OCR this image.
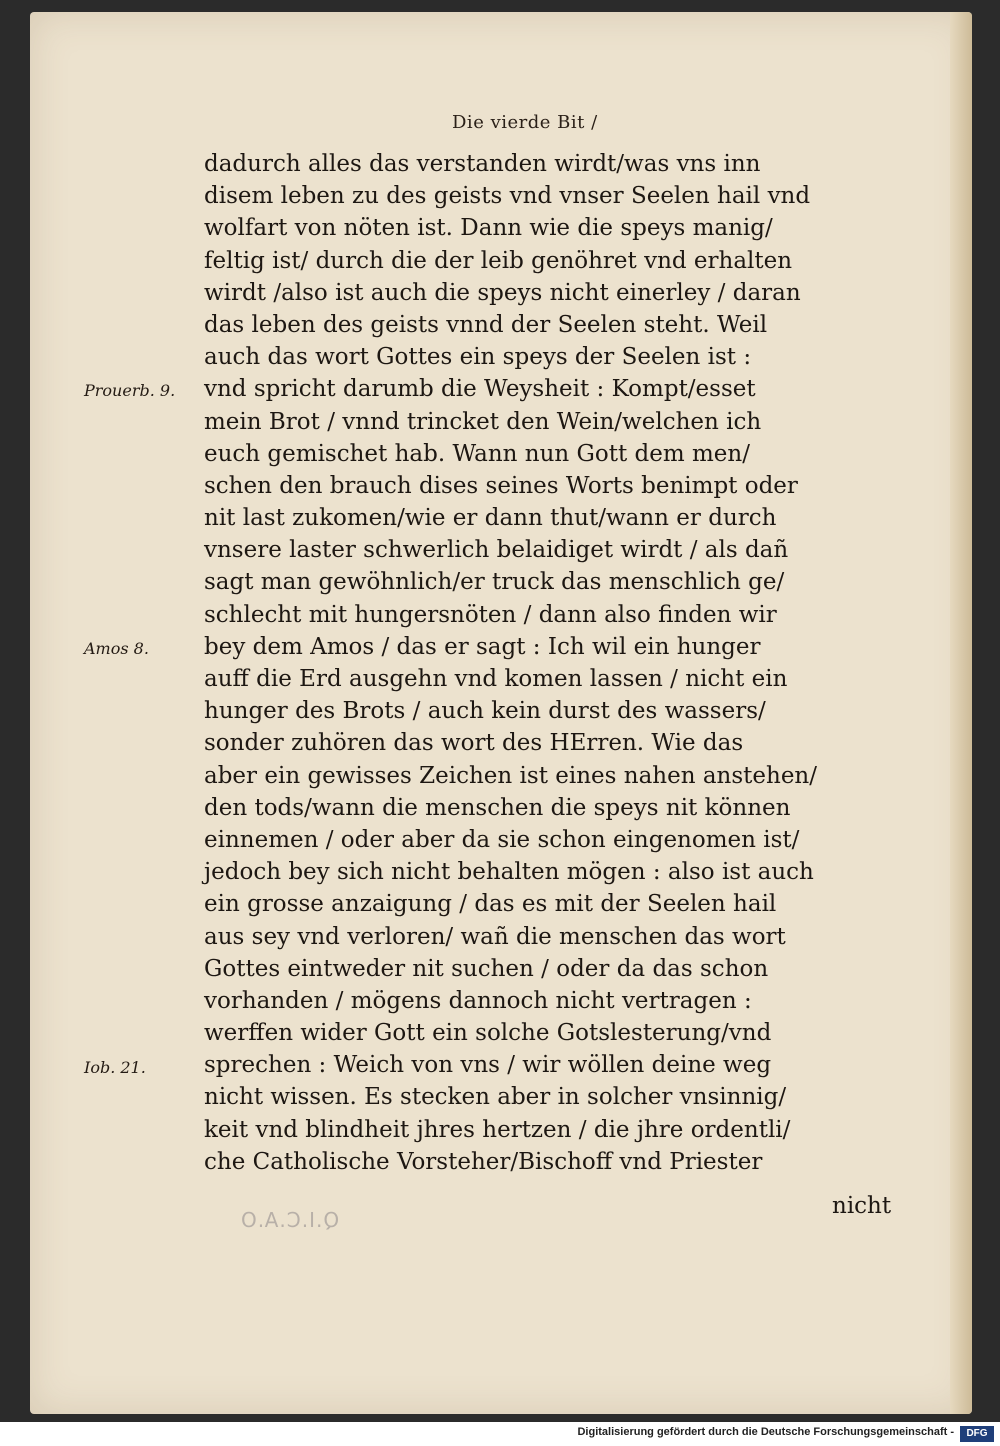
Die vierde Bit /
dadurch alles das verstanden wirdt/was vns inn
disem leben zu des geists vnd vnser Seelen hail vnd
wolfart von nöten ist. Dann wie die speys manig/
feltig ist/ durch die der leib genöhret vnd erhalten
wirdt /also ist auch die speys nicht einerley / daran
das leben des geists vnnd der Seelen steht. Weil
auch das wort Gottes ein speys der Seelen ist :
vnd spricht darumb die Weysheit : Kompt/esset
mein Brot / vnnd trincket den Wein/welchen ich
euch gemischet hab. Wann nun Gott dem men/
schen den brauch dises seines Worts benimpt oder
nit last zukomen/wie er dann thut/wann er durch
vnsere laster schwerlich belaidiget wirdt / als dañ
sagt man gewöhnlich/er truck das menschlich ge/
schlecht mit hungersnöten / dann also finden wir
bey dem Amos / das er sagt : Ich wil ein hunger
auff die Erd ausgehn vnd komen lassen / nicht ein
hunger des Brots / auch kein durst des wassers/
sonder zuhören das wort des HErren. Wie das
aber ein gewisses Zeichen ist eines nahen anstehen/
den tods/wann die menschen die speys nit können
einnemen / oder aber da sie schon eingenomen ist/
jedoch bey sich nicht behalten mögen : also ist auch
ein grosse anzaigung / das es mit der Seelen hail
aus sey vnd verloren/ wañ die menschen das wort
Gottes eintweder nit suchen / oder da das schon
vorhanden / mögens dannoch nicht vertragen :
werffen wider Gott ein solche Gotslesterung/vnd
sprechen : Weich von vns / wir wöllen deine weg
nicht wissen. Es stecken aber in solcher vnsinnig/
keit vnd blindheit jhres hertzen / die jhre ordentli/
che Catholische Vorsteher/Bischoff vnd Priester
Prouerb. 9.
Amos 8.
Iob. 21.
nicht
Q.I.C.A.O
Digitalisierung gefördert durch die Deutsche Forschungsgemeinschaft -	DFG
